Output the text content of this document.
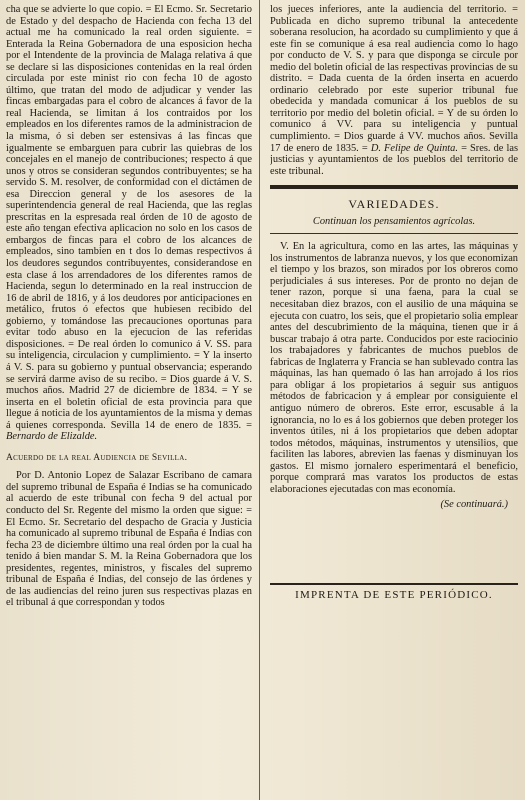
cha que se advierte lo que copio. = El Ecmo. Sr. Secretario de Estado y del despacho de Hacienda con fecha 13 del actual me ha comunicado la real orden siguiente. = Enterada la Reina Gobernadora de una esposicion hecha por el Intendente de la provincia de Malaga relativa á que se declare si las disposiciones contenidas en la real órden circulada por este minist rio con fecha 10 de agosto último, que tratan del modo de adjudicar y vender las fincas embargadas para el cobro de alcances á favor de la real Hacienda, se limitan á los contraidos por los empleados en los diferentes ramos de la administracion de la misma, ó si deben ser estensivas á las fincas que igualmente se embarguen para cubrir las quiebras de los concejales en el manejo de contribuciones; respecto á que unos y otros se consideran segundos contribuyentes; se ha servido S. M. resolver, de conformidad con el dictámen de esa Direccion general y de los asesores de la superintendencia general de real Hacienda, que las reglas prescritas en la espresada real órden de 10 de agosto de este año tengan efectiva aplicacion no solo en los casos de embargos de fincas para el cobro de los alcances de empleados, sino tambien en t dos lo demas respectivos á los deudores segundos contribuyentes, considerandose en esta clase á los arrendadores de los diferentes ramos de Hacienda, segun lo determinado en la real instruccion de 16 de abril de 1816, y á los deudores por anticipaciones en metálico, frutos ó efectos que hubiesen recibido del gobierno, y tomándose las precauciones oportunas para evitar todo abuso en la ejecucion de las referidas disposiciones. = De real órden lo comunico á V. SS. para su inteligencia, circulacion y cumplimiento. = Y la inserto á V. S. para su gobierno y puntual observancia; esperando se servirá darme aviso de su recibo. = Dios guarde á V. S. muchos años. Madrid 27 de diciembre de 1834. = Y se inserta en el boletin oficial de esta provincia para que llegue á noticia de los ayuntamientos de la misma y demas á quienes corresponda. Sevilla 14 de enero de 1835. = Bernardo de Elizalde.

Acuerdo de la real Audiencia de Sevilla.

Por D. Antonio Lopez de Salazar Escribano de camara del supremo tribunal de España é Indias se ha comunicado al acuerdo de este tribunal con fecha 9 del actual por conducto del Sr. Regente del mismo la orden que sigue: = El Ecmo. Sr. Secretario del despacho de Gracia y Justicia ha comunicado al supremo tribunal de España é Indias con fecha 23 de diciembre último una real órden por la cual ha tenido á bien mandar S. M. la Reina Gobernadora que los presidentes, regentes, ministros, y fiscales del supremo tribunal de España é Indias, del consejo de las órdenes y de las audiencias del reino juren sus respectivas plazas en el tribunal á que correspondan y todos

los jueces inferiores, ante la audiencia del territorio. = Publicada en dicho supremo tribunal la antecedente soberana resolucion, ha acordado su cumplimiento y que á este fin se comunique á esa real audiencia como lo hago por conducto de V. S. y para que disponga se circule por medio del boletin oficial de las respectivas provincias de su distrito. = Dada cuenta de la órden inserta en acuerdo ordinario celebrado por este superior tribunal fue obedecida y mandada comunicar á los pueblos de su territorio por medio del boletin oficial. = Y de su órden lo comunico á VV. para su inteligencia y puntual cumplimiento. = Dios guarde á VV. muchos años. Sevilla 17 de enero de 1835. = D. Felipe de Quinta. = Sres. de las justicias y ayuntamientos de los pueblos del territorio de este tribunal.

VARIEDADES.
Continuan los pensamientos agrícolas.

V. En la agricultura, como en las artes, las máquinas y los instrumentos de labranza nuevos, y los que economizan el tiempo y los brazos, son mirados por los obreros como perjudiciales á sus intereses. Por de pronto no dejan de tener razon, porque si una faena, para la cual se necesitaban diez brazos, con el ausilio de una máquina se ejecuta con cuatro, los seis, que el propietario solia emplear antes del descubrimiento de la máquina, tienen que ir á buscar trabajo á otra parte. Conducidos por este raciocinio los trabajadores y fabricantes de muchos pueblos de fabricas de Inglaterra y Francia se han sublevado contra las máquinas, las han quemado ó las han arrojado á los rios para obligar á los propietarios á seguir sus antiguos métodos de fabricacion y á emplear por consiguiente el antiguo número de obreros. Este error, escusable á la ignorancia, no lo es á los gobiernos que deben proteger los inventos útiles, ni á los propietarios que deben adoptar todos métodos, máquinas, instrumentos y utensilios, que faciliten las labores, abrevien las faenas y disminuyan los gastos. El mismo jornalero esperimentará el beneficio, porque comprará mas varatos los productos de estas elaboraciones ejecutadas con mas economía.

(Se continuará.)

IMPRENTA DE ESTE PERIÓDICO.
